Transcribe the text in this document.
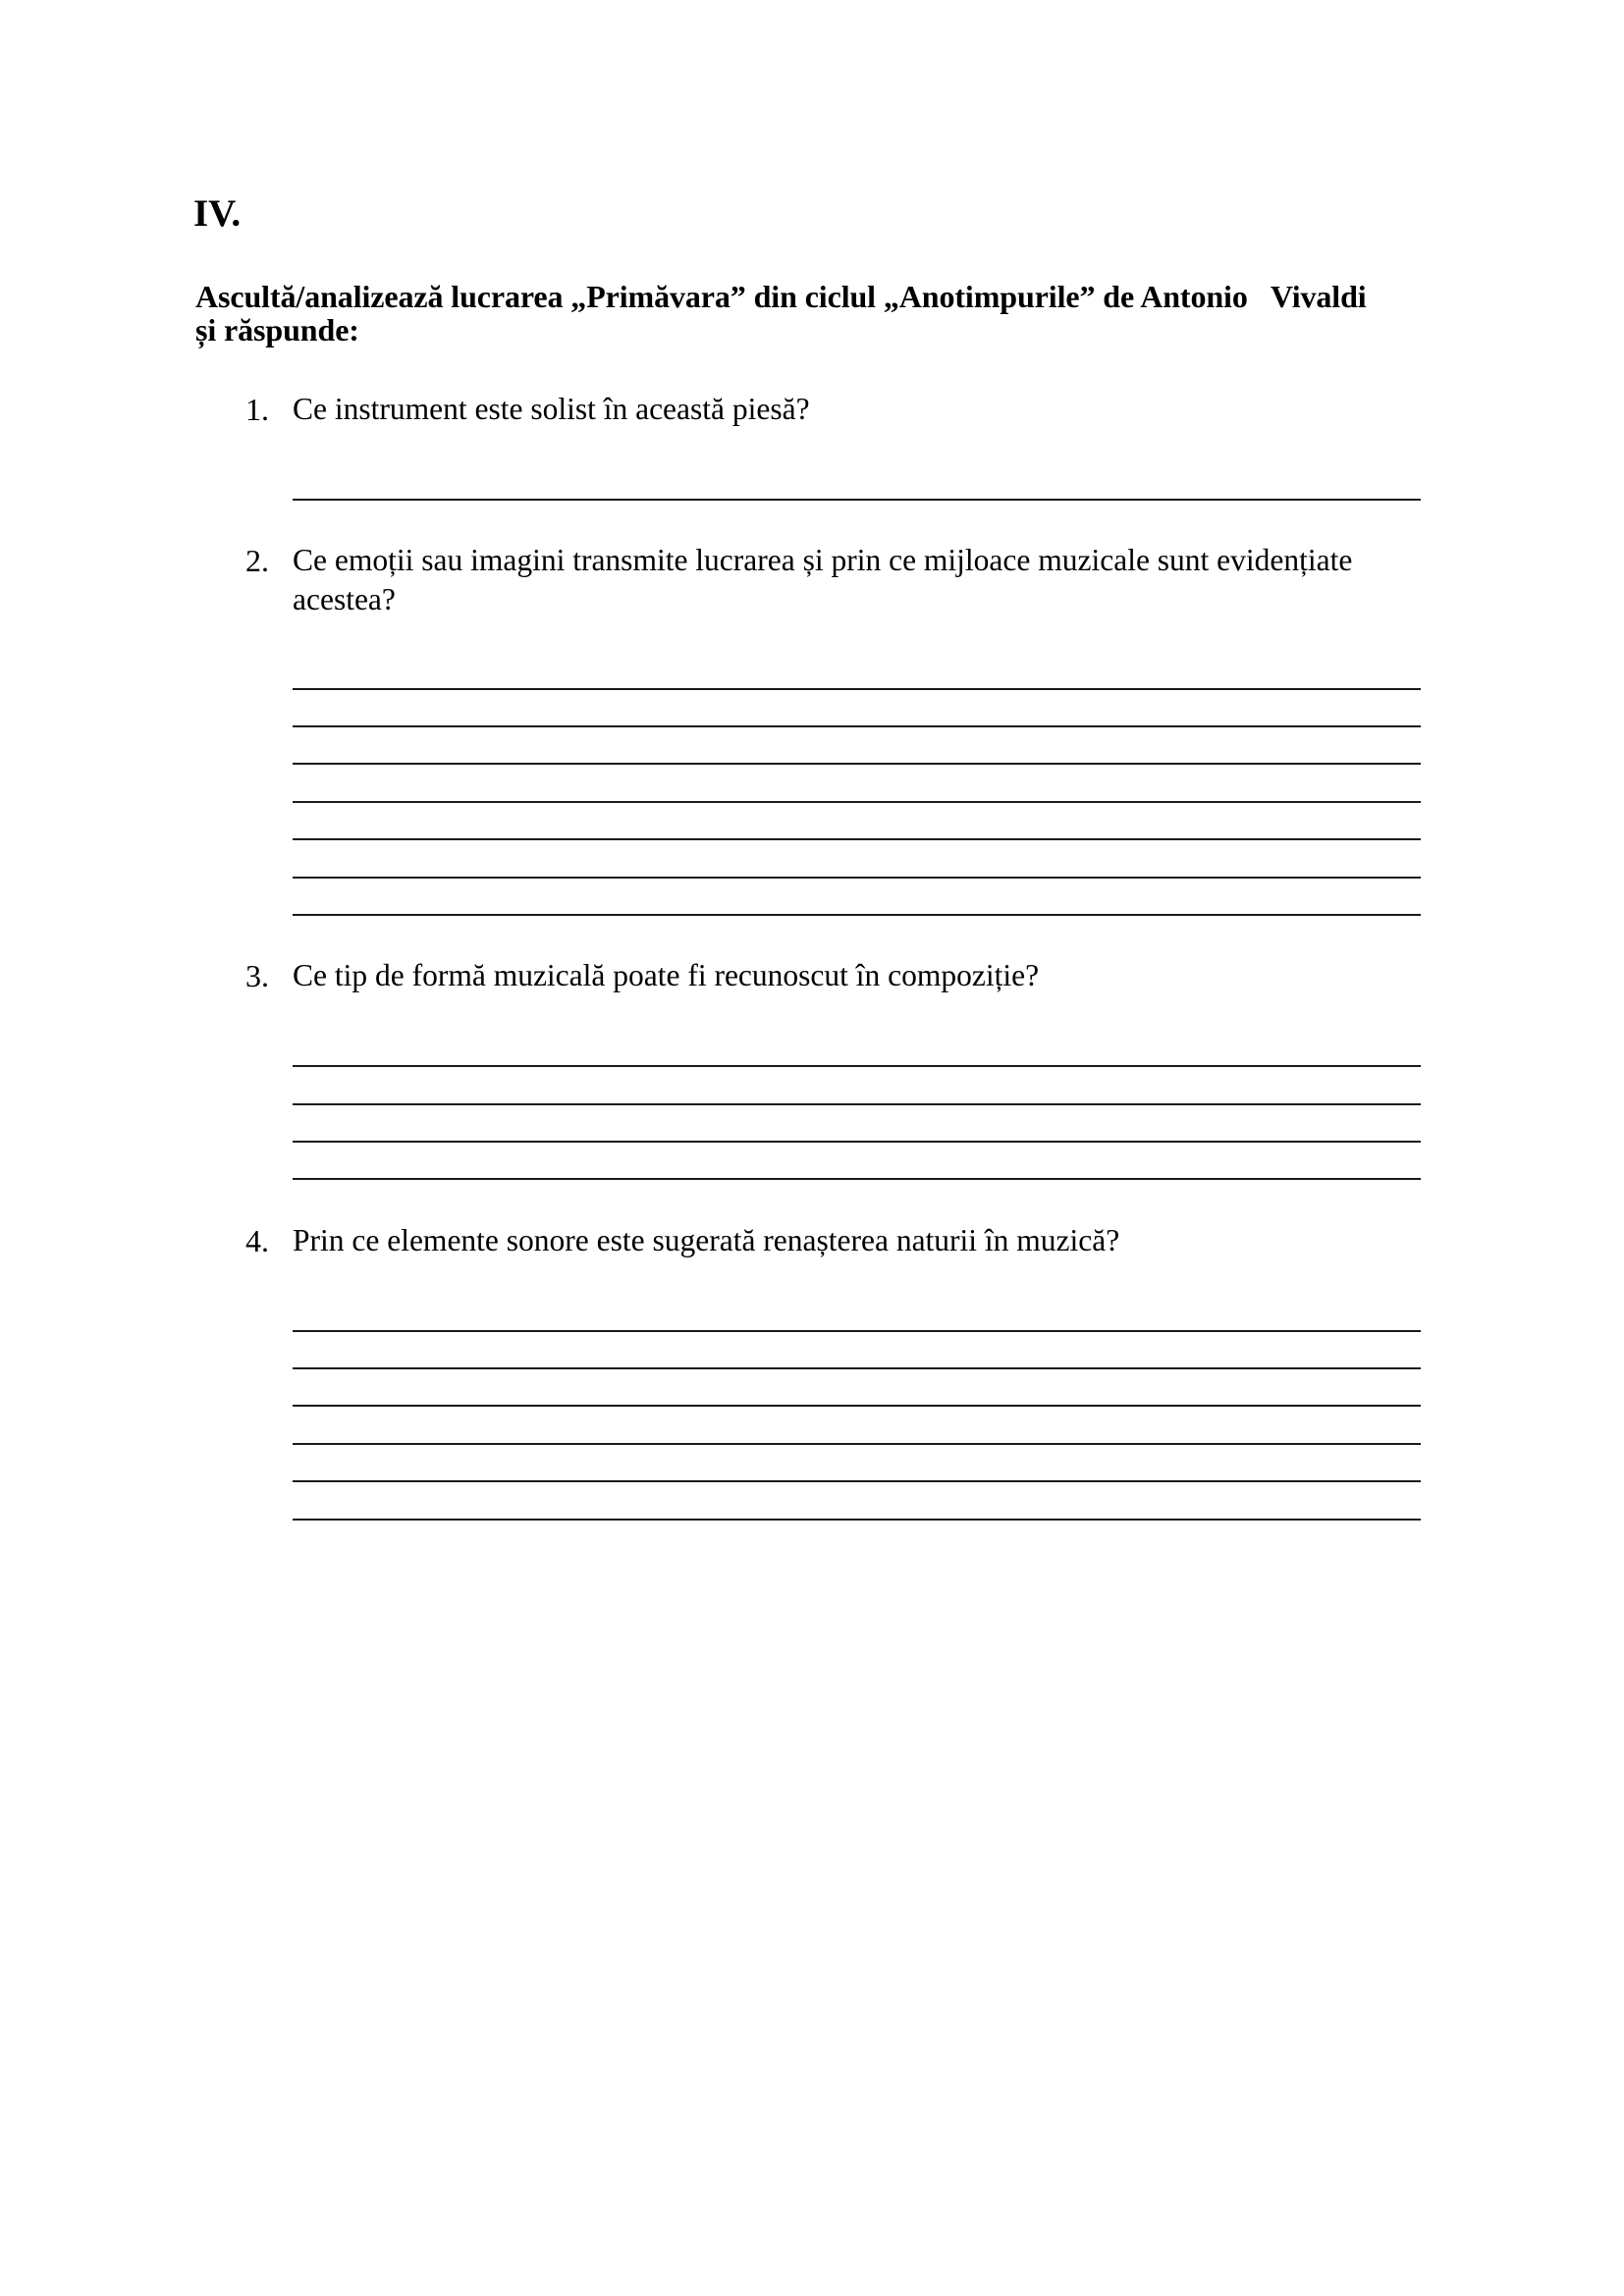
IV.
Ascultă/analizează lucrarea „Primăvara” din ciclul „Anotimpurile” de Antonio   Vivaldi
și răspunde:
1. Ce instrument este solist în această piesă?
2. Ce emoții sau imagini transmite lucrarea și prin ce mijloace muzicale sunt evidențiate
acestea?
3. Ce tip de formă muzicală poate fi recunoscut în compoziție?
4. Prin ce elemente sonore este sugerată renașterea naturii în muzică?
